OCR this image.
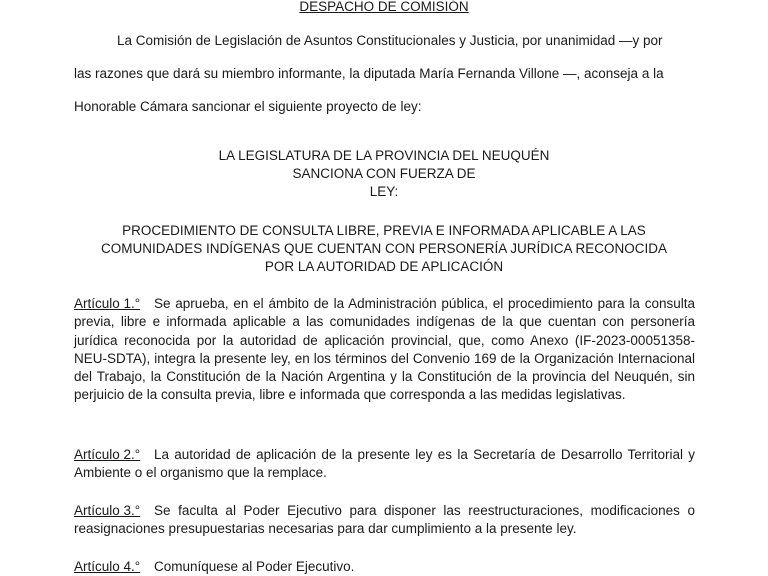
DESPACHO DE COMISIÓN
La Comisión de Legislación de Asuntos Constitucionales y Justicia, por unanimidad —y por
las razones que dará su miembro informante, la diputada María Fernanda Villone —, aconseja a la
Honorable Cámara sancionar el siguiente proyecto de ley:
LA LEGISLATURA DE LA PROVINCIA DEL NEUQUÉN
SANCIONA CON FUERZA DE
LEY:
PROCEDIMIENTO DE CONSULTA LIBRE, PREVIA E INFORMADA APLICABLE A LAS
COMUNIDADES INDÍGENAS QUE CUENTAN CON PERSONERÍA JURÍDICA RECONOCIDA
POR LA AUTORIDAD DE APLICACIÓN
Artículo 1.° Se aprueba, en el ámbito de la Administración pública, el procedimiento para la consulta previa, libre e informada aplicable a las comunidades indígenas de la que cuentan con personería jurídica reconocida por la autoridad de aplicación provincial, que, como Anexo (IF-2023-00051358-NEU-SDTA), integra la presente ley, en los términos del Convenio 169 de la Organización Internacional del Trabajo, la Constitución de la Nación Argentina y la Constitución de la provincia del Neuquén, sin perjuicio de la consulta previa, libre e informada que corresponda a las medidas legislativas.
Artículo 2.° La autoridad de aplicación de la presente ley es la Secretaría de Desarrollo Territorial y Ambiente o el organismo que la remplace.
Artículo 3.° Se faculta al Poder Ejecutivo para disponer las reestructuraciones, modificaciones o reasignaciones presupuestarias necesarias para dar cumplimiento a la presente ley.
Artículo 4.° Comuníquese al Poder Ejecutivo.
